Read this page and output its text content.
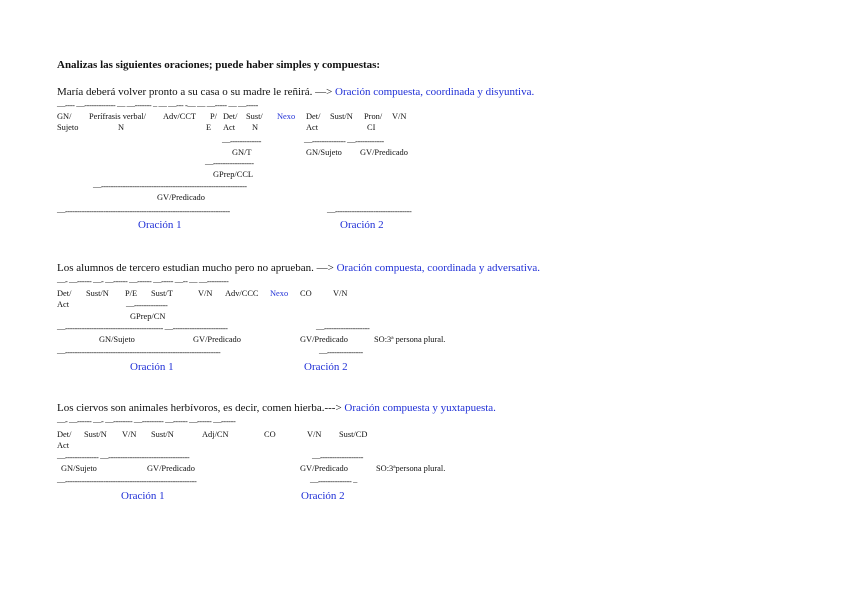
Analizas las siguientes oraciones; puede haber simples y compuestas:
María deberá volver pronto a su casa o su madre le reñirá. —> Oración compuesta, coordinada y disyuntiva.
—---- —------------- — —------- – — —--- -— — —----- — —-----
GN/ Perífrasis verbal/ Adv/CCT P/ Det/ Sust/ Nexo Det/ Sust/N Pron/ V/N
Sujeto	N	E Act N	Act	CI
—-------------	—-------------- —------------
GN/T	GN/Sujeto GV/Predicado
—-----------------
GPrep/CCL
—-------------------------------------------------------------
GV/Predicado
—---------------------------------------------------------------------	—--------------------------------
Oración 1	Oración 2
Los alumnos de tercero estudian mucho pero no aprueban. —> Oración compuesta, coordinada y adversativa.
—- —------ —- —------ —------ —----- —-- — —---------
Det/ Sust/N P/E Sust/T	V/N Adv/CCC Nexo CO	V/N
Act	—--------------
GPrep/CN
—----------------------------------------- —-----------------------	—-------------------
GN/Sujeto	GV/Predicado	GV/Predicado	SO:3ª persona plural.
—-----------------------------------------------------------------	—---------------
Oración 1	Oración 2
Los ciervos son animales herbívoros, es decir, comen hierba.---> Oración compuesta y yuxtapuesta.
—- —------ —- —-------- —--------- —------ —------ —------
Det/ Sust/N V/N Sust/N	Adj/CN	CO	V/N Sust/CD
Act
—-------------- —----------------------------------	—------------------
GN/Sujeto	GV/Predicado	GV/Predicado	SO:3ªpersona plural.
—-------------------------------------------------------	—-------------- –
Oración 1	Oración 2
